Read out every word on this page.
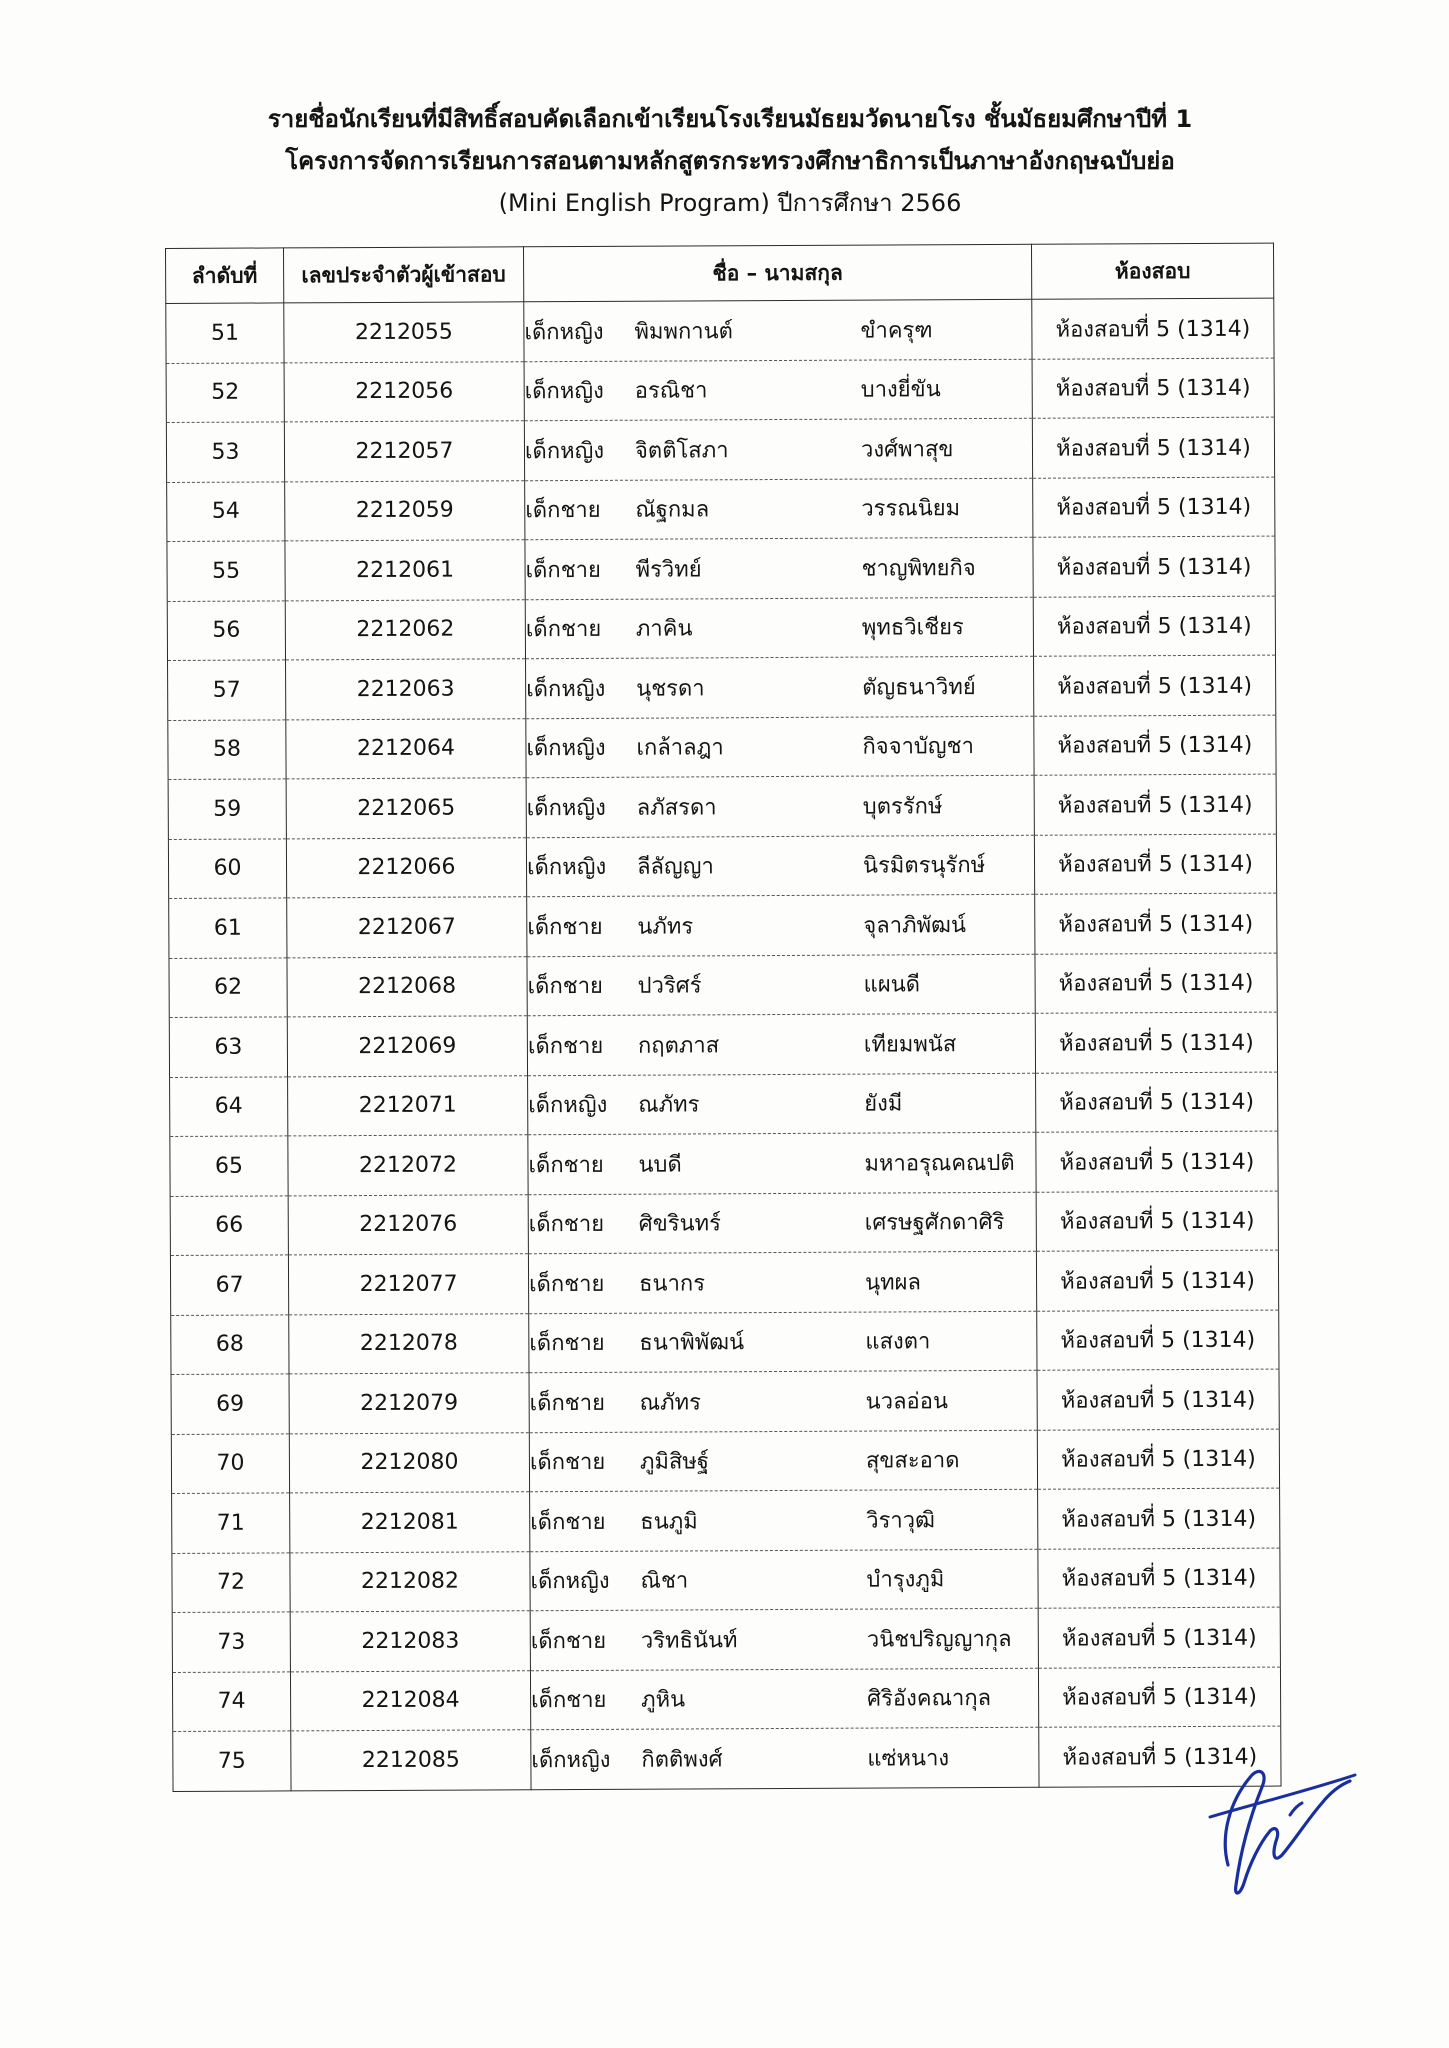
รายชื่อนักเรียนที่มีสิทธิ์สอบคัดเลือกเข้าเรียนโรงเรียนมัธยมวัดนายโรง ชั้นมัธยมศึกษาปีที่ 1
โครงการจัดการเรียนการสอนตามหลักสูตรกระทรวงศึกษาธิการเป็นภาษาอังกฤษฉบับย่อ
(Mini English Program) ปีการศึกษา 2566
ลำดับที่	เลขประจำตัวผู้เข้าสอบ	ชื่อ – นามสกุล	ห้องสอบ
51	2212055	เด็กหญิง พิมพกานต์ ขำครุฑ	ห้องสอบที่ 5 (1314)
52	2212056	เด็กหญิง อรณิชา บางยี่ขัน	ห้องสอบที่ 5 (1314)
53	2212057	เด็กหญิง จิตติโสภา วงศ์พาสุข	ห้องสอบที่ 5 (1314)
54	2212059	เด็กชาย ณัฐกมล วรรณนิยม	ห้องสอบที่ 5 (1314)
55	2212061	เด็กชาย พีรวิทย์ ชาญพิทยกิจ	ห้องสอบที่ 5 (1314)
56	2212062	เด็กชาย ภาคิน พุทธวิเชียร	ห้องสอบที่ 5 (1314)
57	2212063	เด็กหญิง นุชรดา ตัญธนาวิทย์	ห้องสอบที่ 5 (1314)
58	2212064	เด็กหญิง เกล้าลฎา กิจจาบัญชา	ห้องสอบที่ 5 (1314)
59	2212065	เด็กหญิง ลภัสรดา บุตรรักษ์	ห้องสอบที่ 5 (1314)
60	2212066	เด็กหญิง ลีลัญญา นิรมิตรนุรักษ์	ห้องสอบที่ 5 (1314)
61	2212067	เด็กชาย นภัทร จุลาภิพัฒน์	ห้องสอบที่ 5 (1314)
62	2212068	เด็กชาย ปวริศร์ แผนดี	ห้องสอบที่ 5 (1314)
63	2212069	เด็กชาย กฤตภาส เทียมพนัส	ห้องสอบที่ 5 (1314)
64	2212071	เด็กหญิง ณภัทร ยังมี	ห้องสอบที่ 5 (1314)
65	2212072	เด็กชาย นบดี มหาอรุณคณปติ	ห้องสอบที่ 5 (1314)
66	2212076	เด็กชาย ศิขรินทร์ เศรษฐศักดาศิริ	ห้องสอบที่ 5 (1314)
67	2212077	เด็กชาย ธนากร นุทผล	ห้องสอบที่ 5 (1314)
68	2212078	เด็กชาย ธนาพิพัฒน์ แสงตา	ห้องสอบที่ 5 (1314)
69	2212079	เด็กชาย ณภัทร นวลอ่อน	ห้องสอบที่ 5 (1314)
70	2212080	เด็กชาย ภูมิสิษฐ์ สุขสะอาด	ห้องสอบที่ 5 (1314)
71	2212081	เด็กชาย ธนภูมิ วิราวุฒิ	ห้องสอบที่ 5 (1314)
72	2212082	เด็กหญิง ณิชา บำรุงภูมิ	ห้องสอบที่ 5 (1314)
73	2212083	เด็กชาย วริทธินันท์ วนิชปริญญากุล	ห้องสอบที่ 5 (1314)
74	2212084	เด็กชาย ภูหิน ศิริอังคณากุล	ห้องสอบที่ 5 (1314)
75	2212085	เด็กหญิง กิตติพงศ์ แซ่หนาง	ห้องสอบที่ 5 (1314)
